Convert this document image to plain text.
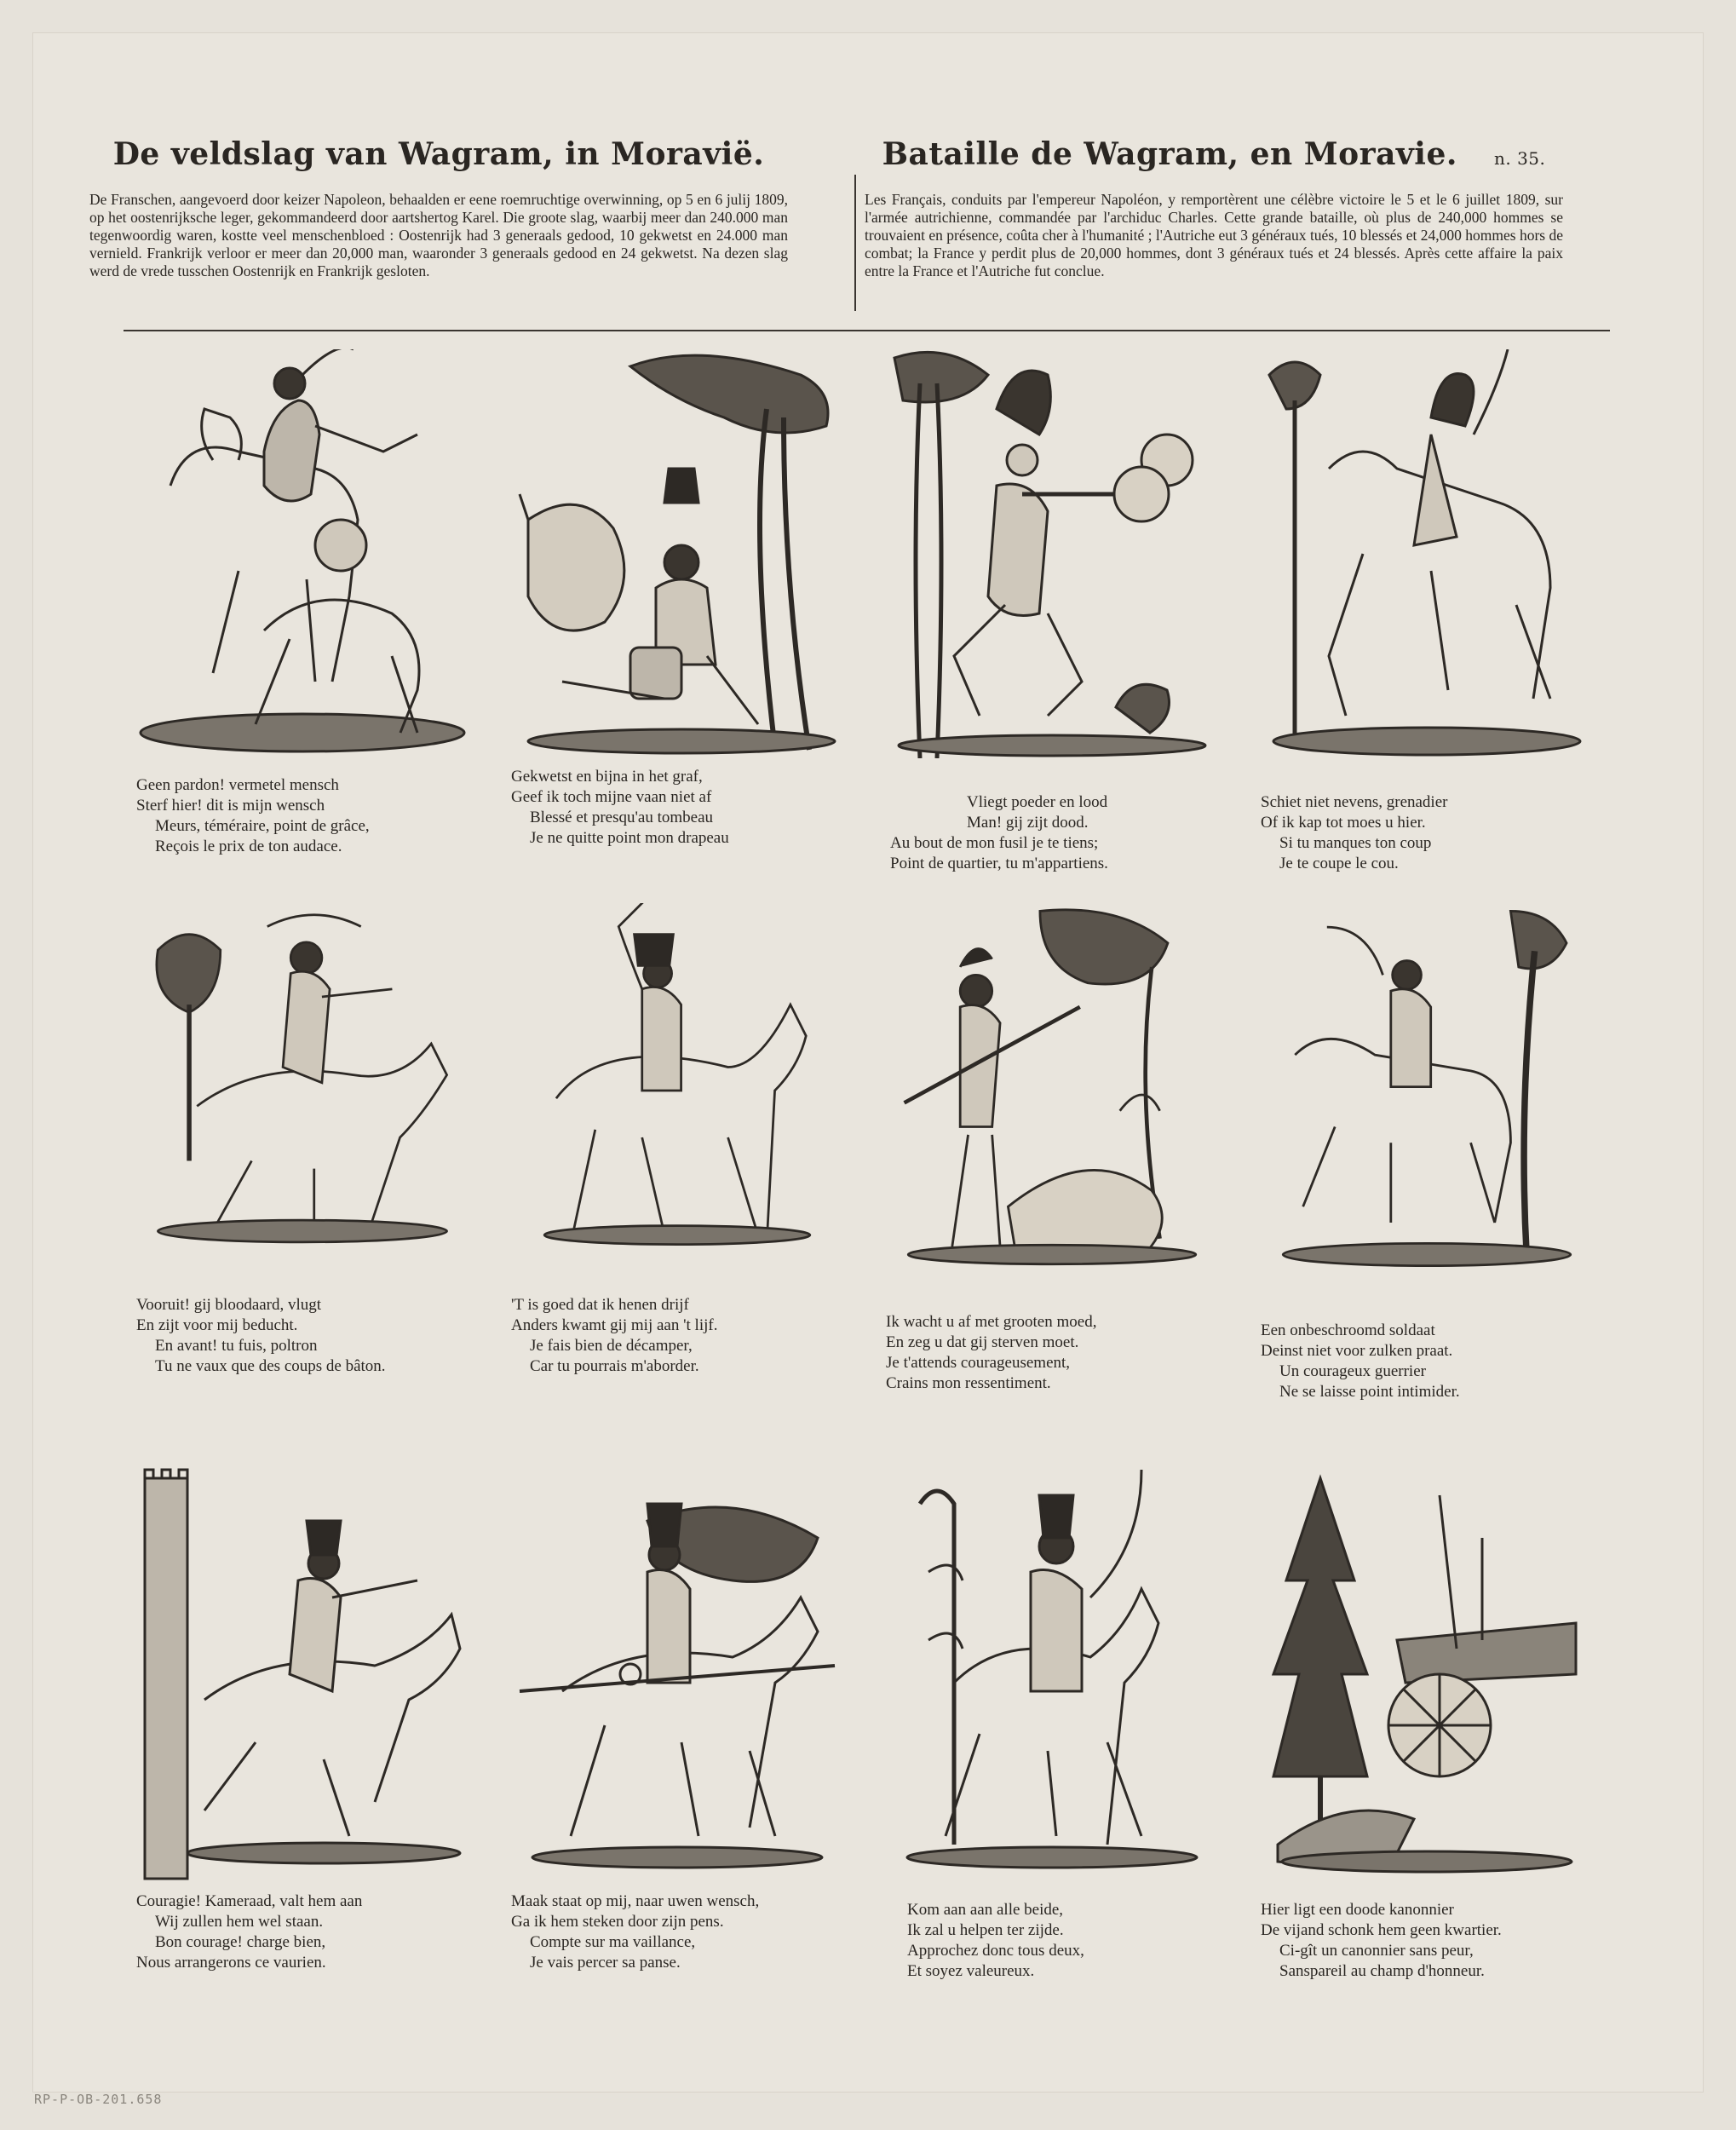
De veldslag van Wagram, in Moravië.

De Franschen, aangevoerd door keizer Napoleon, behaalden er eene roemruchtige overwinning, op 5 en 6 julij 1809, op het oostenrijksche leger, gekommandeerd door aartshertog Karel. Die groote slag, waarbij meer dan 240.000 man tegenwoordig waren, kostte veel menschenbloed : Oostenrijk had 3 generaals gedood, 10 gekwetst en 24.000 man vernield. Frankrijk verloor er meer dan 20,000 man, waaronder 3 generaals gedood en 24 gekwetst. Na dezen slag werd de vrede tusschen Oostenrijk en Frankrijk gesloten.

Bataille de Wagram, en Moravie. n. 35.

Les Français, conduits par l'empereur Napoléon, y remportèrent une célèbre victoire le 5 et le 6 juillet 1809, sur l'armée autrichienne, commandée par l'archiduc Charles. Cette grande bataille, où plus de 240,000 hommes se trouvaient en présence, coûta cher à l'humanité ; l'Autriche eut 3 généraux tués, 10 blessés et 24,000 hommes hors de combat; la France y perdit plus de 20,000 hommes, dont 3 généraux tués et 24 blessés. Après cette affaire la paix entre la France et l'Autriche fut conclue.

Geen pardon! vermetel mensch
Sterf hier! dit is mijn wensch
Meurs, téméraire, point de grâce,
Reçois le prix de ton audace.
Gekwetst en bijna in het graf,
Geef ik toch mijne vaan niet af
Blessé et presqu'au tombeau
Je ne quitte point mon drapeau
Vliegt poeder en lood
Man! gij zijt dood.
Au bout de mon fusil je te tiens;
Point de quartier, tu m'appartiens.
Schiet niet nevens, grenadier
Of ik kap tot moes u hier.
Si tu manques ton coup
Je te coupe le cou.
Vooruit! gij bloodaard, vlugt
En zijt voor mij beducht.
En avant! tu fuis, poltron
Tu ne vaux que des coups de bâton.
'T is goed dat ik henen drijf
Anders kwamt gij mij aan 't lijf.
Je fais bien de décamper,
Car tu pourrais m'aborder.
Ik wacht u af met grooten moed,
En zeg u dat gij sterven moet.
Je t'attends courageusement,
Crains mon ressentiment.
Een onbeschroomd soldaat
Deinst niet voor zulken praat.
Un courageux guerrier
Ne se laisse point intimider.
Couragie! Kameraad, valt hem aan
Wij zullen hem wel staan.
Bon courage! charge bien,
Nous arrangerons ce vaurien.
Maak staat op mij, naar uwen wensch,
Ga ik hem steken door zijn pens.
Compte sur ma vaillance,
Je vais percer sa panse.
Kom aan aan alle beide,
Ik zal u helpen ter zijde.
Approchez donc tous deux,
Et soyez valeureux.
Hier ligt een doode kanonnier
De vijand schonk hem geen kwartier.
Ci-gît un canonnier sans peur,
Sanspareil au champ d'honneur.
RP-P-OB-201.658
